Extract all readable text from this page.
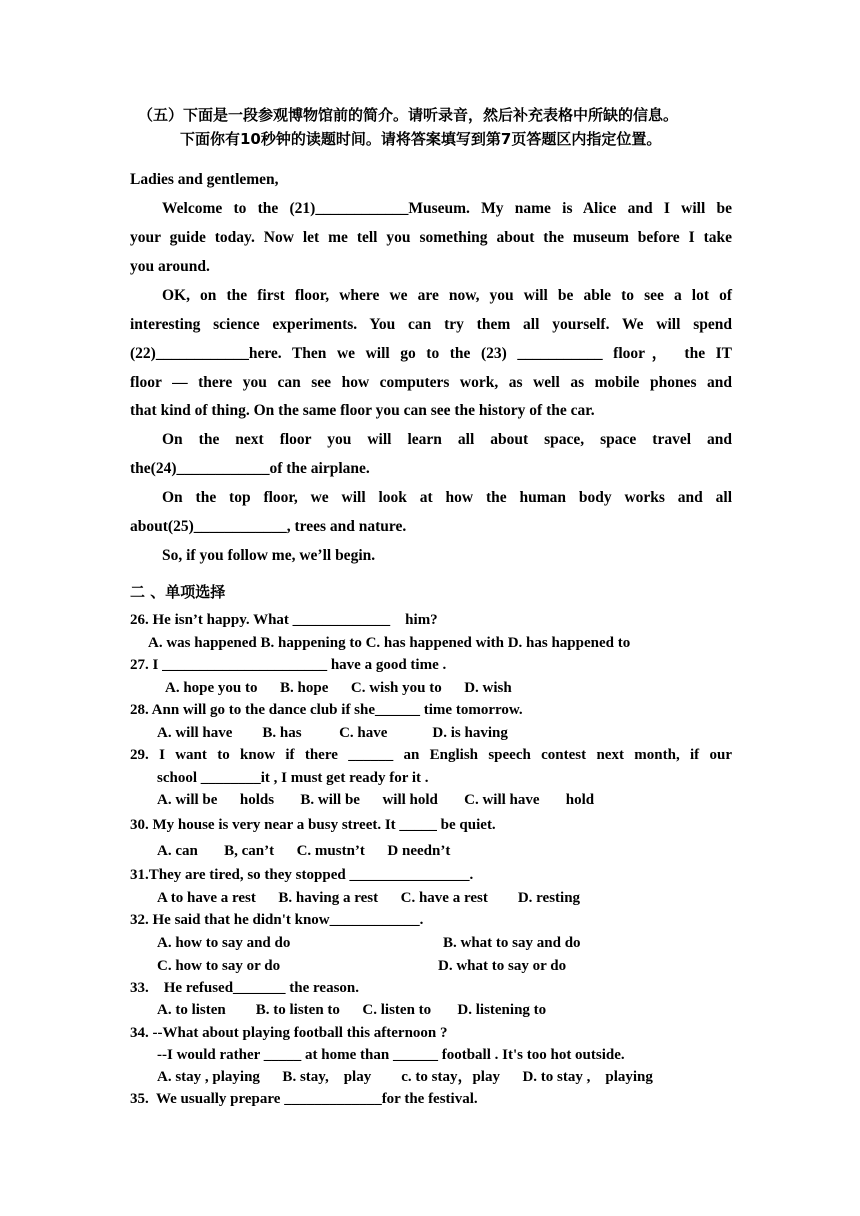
（五）下面是一段参观博物馆前的简介。请听录音，然后补充表格中所缺的信息。
下面你有10秒钟的读题时间。请将答案填写到第7页答题区内指定位置。
Ladies and gentlemen,
Welcome to the (21)____________Museum. My name is Alice and I will be
your guide today. Now let me tell you something about the museum before I take
you around.
OK, on the first floor, where we are now, you will be able to see a lot of
interesting science experiments. You can try them all yourself. We will spend
(22)____________here. Then we will go to the (23) ___________ floor， the IT
floor — there you can see how computers work, as well as mobile phones and
that kind of thing. On the same floor you can see the history of the car.
On the next floor you will learn all about space, space travel and
the(24)____________of the airplane.
On the top floor, we will look at how the human body works and all
about(25)____________, trees and nature.
So, if you follow me, we’ll begin.
二 、单项选择
26. He isn’t happy. What _____________    him?
A. was happened B. happening to C. has happened with D. has happened to
27. I ______________________ have a good time .
A. hope you to      B. hope      C. wish you to      D. wish
28. Ann will go to the dance club if she______ time tomorrow.
A. will have        B. has          C. have            D. is having
29. I want to know if there ______ an English speech contest next month, if our
school ________it , I must get ready for it .
A. will be      holds       B. will be      will hold       C. will have       hold
30. My house is very near a busy street. It _____ be quiet.
A. can       B, can’t      C. mustn’t      D needn’t
31.They are tired, so they stopped ________________.
A to have a rest      B. having a rest      C. have a rest        D. resting
32. He said that he didn't know____________.
A. how to say and do	B. what to say and do
C. how to say or do	D. what to say or do
33.    He refused_______ the reason.
A. to listen        B. to listen to      C. listen to       D. listening to
34. --What about playing football this afternoon ?
--I would rather _____ at home than ______ football . It's too hot outside.
A. stay , playing      B. stay,    play        c. to stay，play      D. to stay ,    playing
35.  We usually prepare _____________for the festival.
